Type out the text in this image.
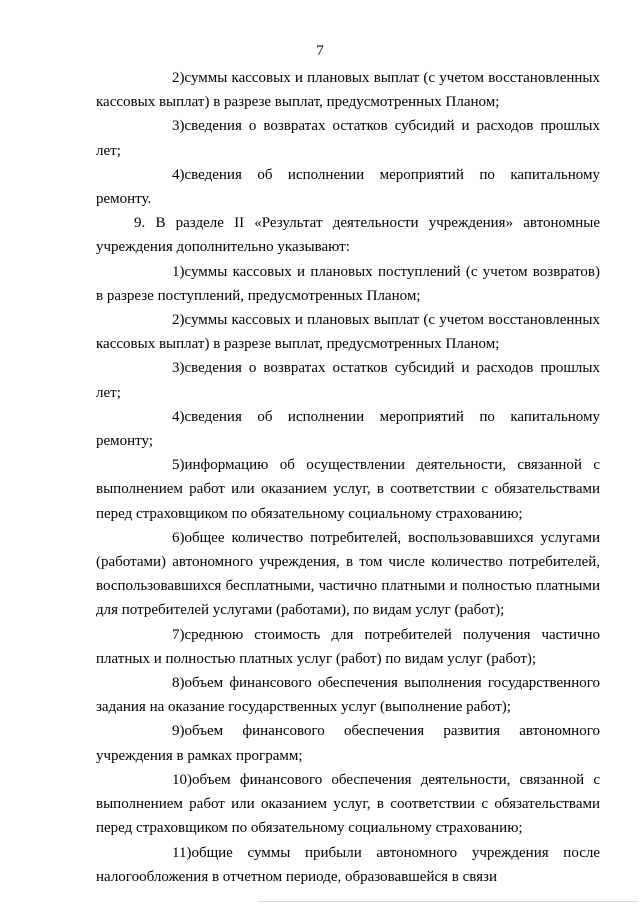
7

2)суммы кассовых и плановых выплат (с учетом восстановленных кассовых выплат) в разрезе выплат, предусмотренных Планом;

3)сведения о возвратах остатков субсидий и расходов прошлых лет;

4)сведения об исполнении мероприятий по капитальному ремонту.

9. В разделе II «Результат деятельности учреждения» автономные учреждения дополнительно указывают:

1)суммы кассовых и плановых поступлений (с учетом возвратов) в разрезе поступлений, предусмотренных Планом;

2)суммы кассовых и плановых выплат (с учетом восстановленных кассовых выплат) в разрезе выплат, предусмотренных Планом;

3)сведения о возвратах остатков субсидий и расходов прошлых лет;

4)сведения об исполнении мероприятий по капитальному ремонту;

5)информацию об осуществлении деятельности, связанной с выполнением работ или оказанием услуг, в соответствии с обязательствами перед страховщиком по обязательному социальному страхованию;

6)общее количество потребителей, воспользовавшихся услугами (работами) автономного учреждения, в том числе количество потребителей, воспользовавшихся бесплатными, частично платными и полностью платными для потребителей услугами (работами), по видам услуг (работ);

7)среднюю стоимость для потребителей получения частично платных и полностью платных услуг (работ) по видам услуг (работ);

8)объем финансового обеспечения выполнения государственного задания на оказание государственных услуг (выполнение работ);

9)объем финансового обеспечения развития автономного учреждения в рамках программ;

10)объем финансового обеспечения деятельности, связанной с выполнением работ или оказанием услуг, в соответствии с обязательствами перед страховщиком по обязательному социальному страхованию;

11)общие суммы прибыли автономного учреждения после налогообложения в отчетном периоде, образовавшейся в связи
